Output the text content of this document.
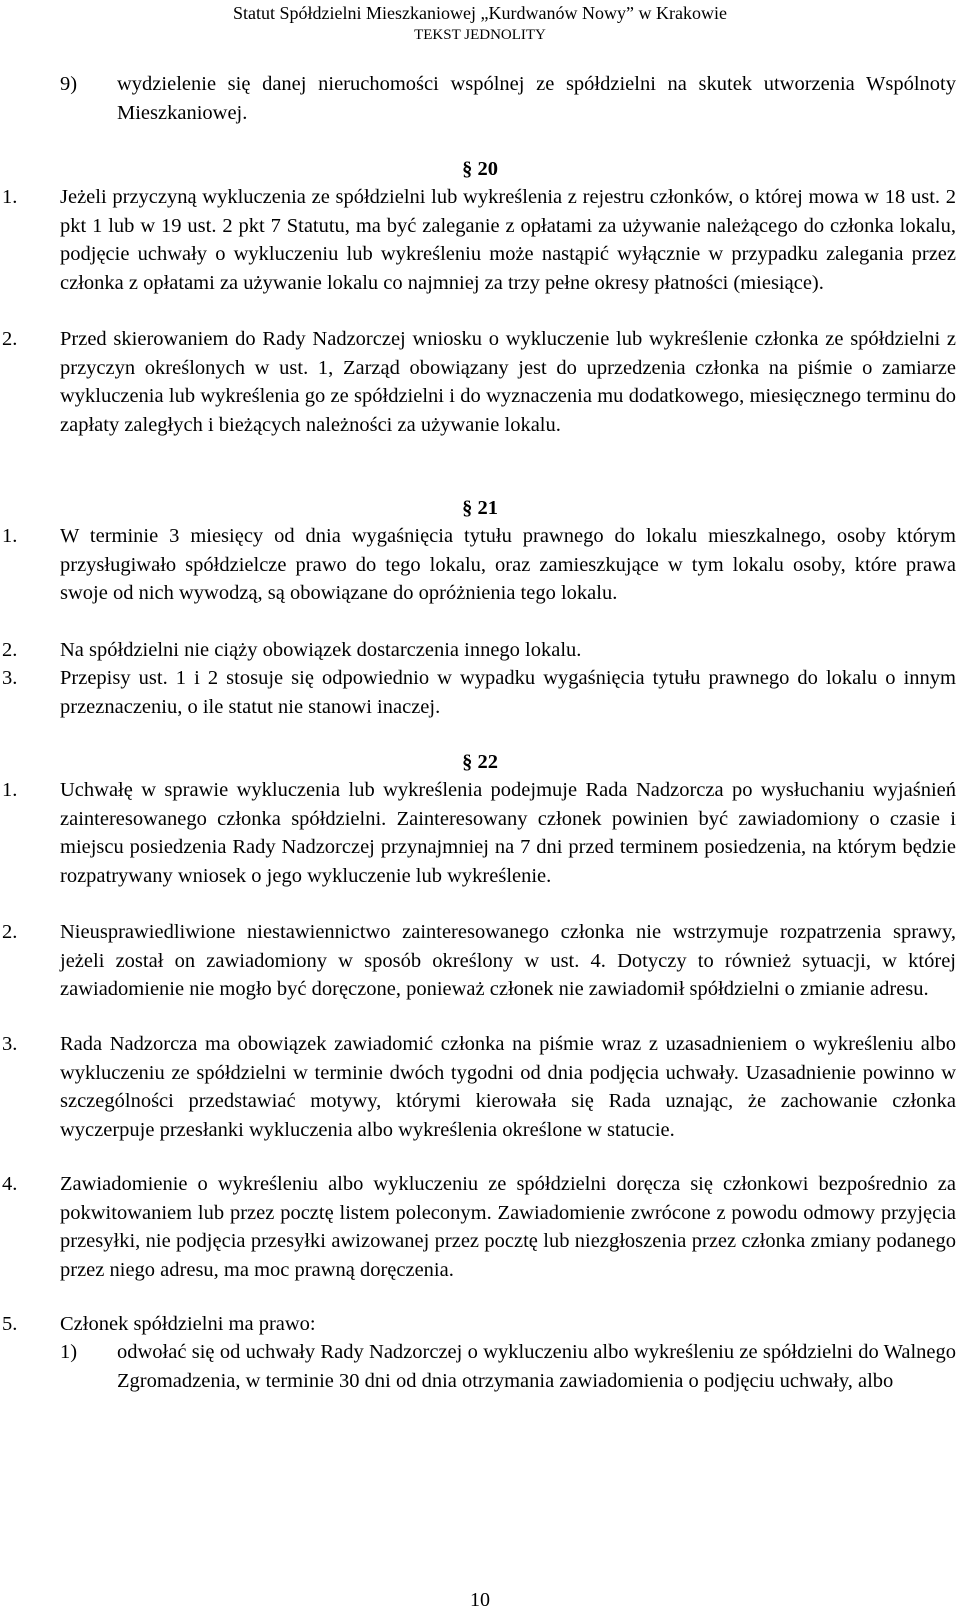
Statut Spółdzielni Mieszkaniowej „Kurdwanów Nowy” w Krakowie
TEKST JEDNOLITY
9) wydzielenie się danej nieruchomości wspólnej ze spółdzielni na skutek utworzenia Wspólnoty Mieszkaniowej.
§ 20
1. Jeżeli przyczyną wykluczenia ze spółdzielni lub wykreślenia z rejestru członków, o której mowa w 18 ust. 2 pkt 1 lub w 19 ust. 2 pkt 7 Statutu, ma być zaleganie z opłatami za używanie należącego do członka lokalu, podjęcie uchwały o wykluczeniu lub wykreśleniu może nastąpić wyłącznie w przypadku zalegania przez członka z opłatami za używanie lokalu co najmniej za trzy pełne okresy płatności (miesiące).
2. Przed skierowaniem do Rady Nadzorczej wniosku o wykluczenie lub wykreślenie członka ze spółdzielni z przyczyn określonych w ust. 1, Zarząd obowiązany jest do uprzedzenia członka na piśmie o zamiarze wykluczenia lub wykreślenia go ze spółdzielni i do wyznaczenia mu dodatkowego, miesięcznego terminu do zapłaty zaległych i bieżących należności za używanie lokalu.
§ 21
1. W terminie 3 miesięcy od dnia wygaśnięcia tytułu prawnego do lokalu mieszkalnego, osoby którym przysługiwało spółdzielcze prawo do tego lokalu, oraz zamieszkujące w tym lokalu osoby, które prawa swoje od nich wywodzą, są obowiązane do opróżnienia tego lokalu.
2. Na spółdzielni nie ciąży obowiązek dostarczenia innego lokalu.
3. Przepisy ust. 1 i 2 stosuje się odpowiednio w wypadku wygaśnięcia tytułu prawnego do lokalu o innym przeznaczeniu, o ile statut nie stanowi inaczej.
§ 22
1. Uchwałę w sprawie wykluczenia lub wykreślenia podejmuje Rada Nadzorcza po wysłuchaniu wyjaśnień zainteresowanego członka spółdzielni. Zainteresowany członek powinien być zawiadomiony o czasie i miejscu posiedzenia Rady Nadzorczej przynajmniej na 7 dni przed terminem posiedzenia, na którym będzie rozpatrywany wniosek o jego wykluczenie lub wykreślenie.
2. Nieusprawiedliwione niestawiennictwo zainteresowanego członka nie wstrzymuje rozpatrzenia sprawy, jeżeli został on zawiadomiony w sposób określony w ust. 4. Dotyczy to również sytuacji, w której zawiadomienie nie mogło być doręczone, ponieważ członek nie zawiadomił spółdzielni o zmianie adresu.
3. Rada Nadzorcza ma obowiązek zawiadomić członka na piśmie wraz z uzasadnieniem o wykreśleniu albo wykluczeniu ze spółdzielni w terminie dwóch tygodni od dnia podjęcia uchwały. Uzasadnienie powinno w szczególności przedstawiać motywy, którymi kierowała się Rada uznając, że zachowanie członka wyczerpuje przesłanki wykluczenia albo wykreślenia określone w statucie.
4. Zawiadomienie o wykreśleniu albo wykluczeniu ze spółdzielni doręcza się członkowi bezpośrednio za pokwitowaniem lub przez pocztę listem poleconym. Zawiadomienie zwrócone z powodu odmowy przyjęcia przesyłki, nie podjęcia przesyłki awizowanej przez pocztę lub niezgłoszenia przez członka zmiany podanego przez niego adresu, ma moc prawną doręczenia.
5. Członek spółdzielni ma prawo:
1) odwołać się od uchwały Rady Nadzorczej o wykluczeniu albo wykreśleniu ze spółdzielni do Walnego Zgromadzenia, w terminie 30 dni od dnia otrzymania zawiadomienia o podjęciu uchwały, albo
10
